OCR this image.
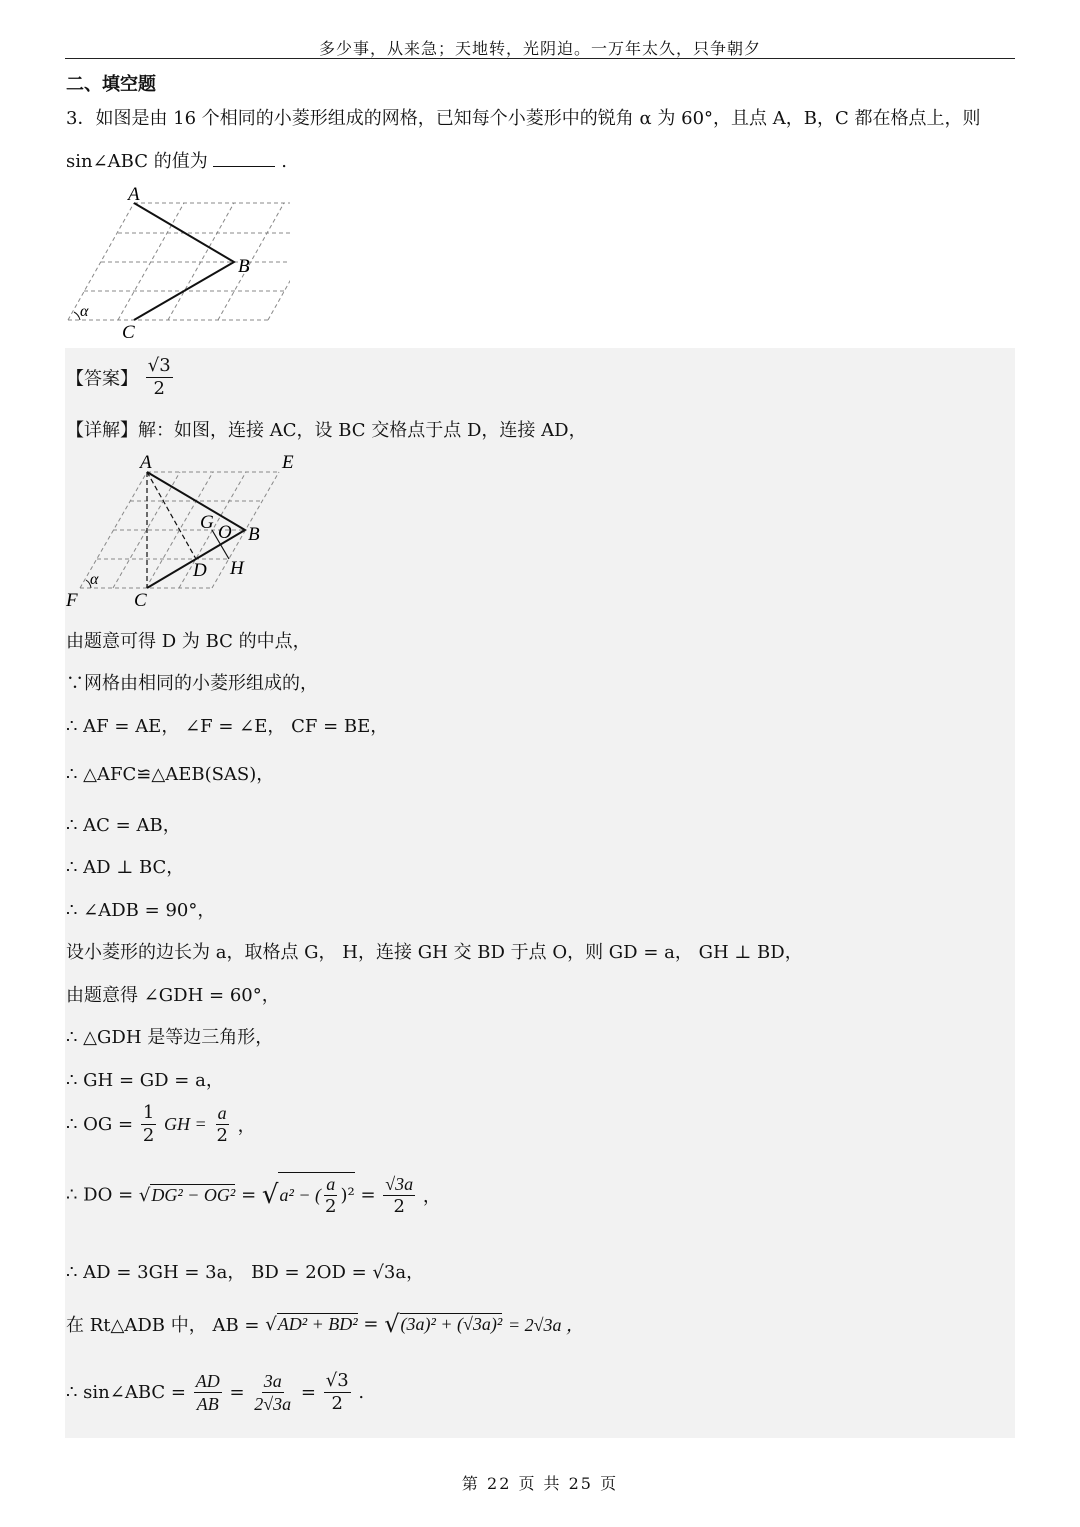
多少事，从来急；天地转，光阴迫。一万年太久，只争朝夕
二、填空题
3．如图是由 16 个相同的小菱形组成的网格，已知每个小菱形中的锐角 α 为 60°，且点 A，B，C 都在格点上，则
sin∠ABC 的值为	.
A
B
C
α
【答案】 $\frac{√3}{2}$
【详解】解：如图，连接 AC，设 BC 交格点于点 D，连接 AD，
A	E
G O B
D H
F	C
α
由题意可得 D 为 BC 的中点，
∵网格由相同的小菱形组成的，
∴ AF = AE， ∠F = ∠E， CF = BE，
∴ △AFC≌△AEB(SAS)，
∴ AC = AB，
∴ AD ⊥ BC，
∴ ∠ADB = 90°，
设小菱形的边长为 a，取格点 G， H，连接 GH 交 BD 于点 O，则 GD = a， GH ⊥ BD，
由题意得 ∠GDH = 60°，
∴ △GDH 是等边三角形，
∴ GH = GD = a，
∴ OG = $\frac{1}{2}$ GH = $\frac{a}{2}$ ，
∴ DO = √DG² − OG² = √ a² − ( $\frac{a}{2} )^2 = \frac{√3a}{2}$ ，
∴ AD = 3GH = 3a， BD = 2OD = √3a，
在 Rt△ADB 中， AB = √AD² + BD² = √(3a)² + (√3a)² = 2√3a ，
∴ sin∠ABC = $\frac{AD}{AB} = \frac{3a}{2√3a} = \frac{√3}{2}$ .
第 22 页 共 25 页
